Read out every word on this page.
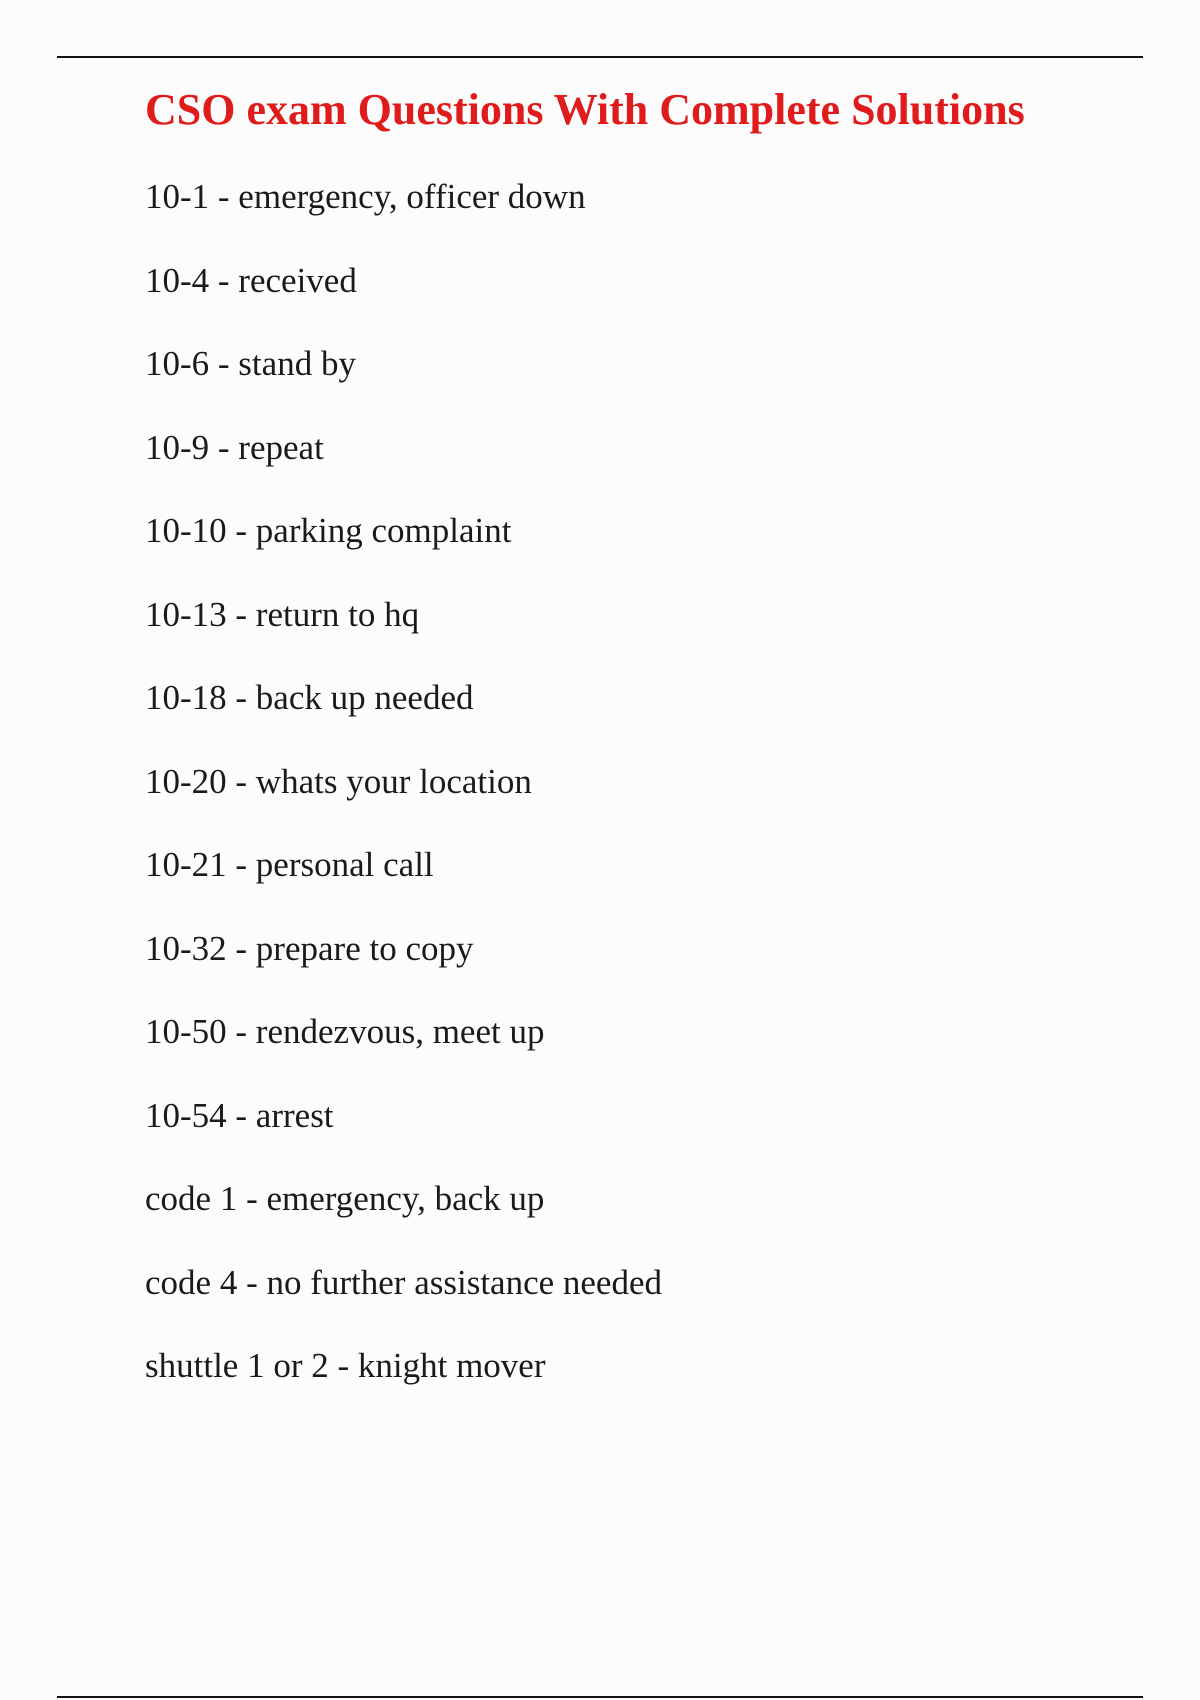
CSO exam Questions With Complete Solutions
10-1 - emergency, officer down
10-4 - received
10-6 - stand by
10-9 - repeat
10-10 - parking complaint
10-13 - return to hq
10-18 - back up needed
10-20 - whats your location
10-21 - personal call
10-32 - prepare to copy
10-50 - rendezvous, meet up
10-54 - arrest
code 1 - emergency, back up
code 4 - no further assistance needed
shuttle 1 or 2 - knight mover
